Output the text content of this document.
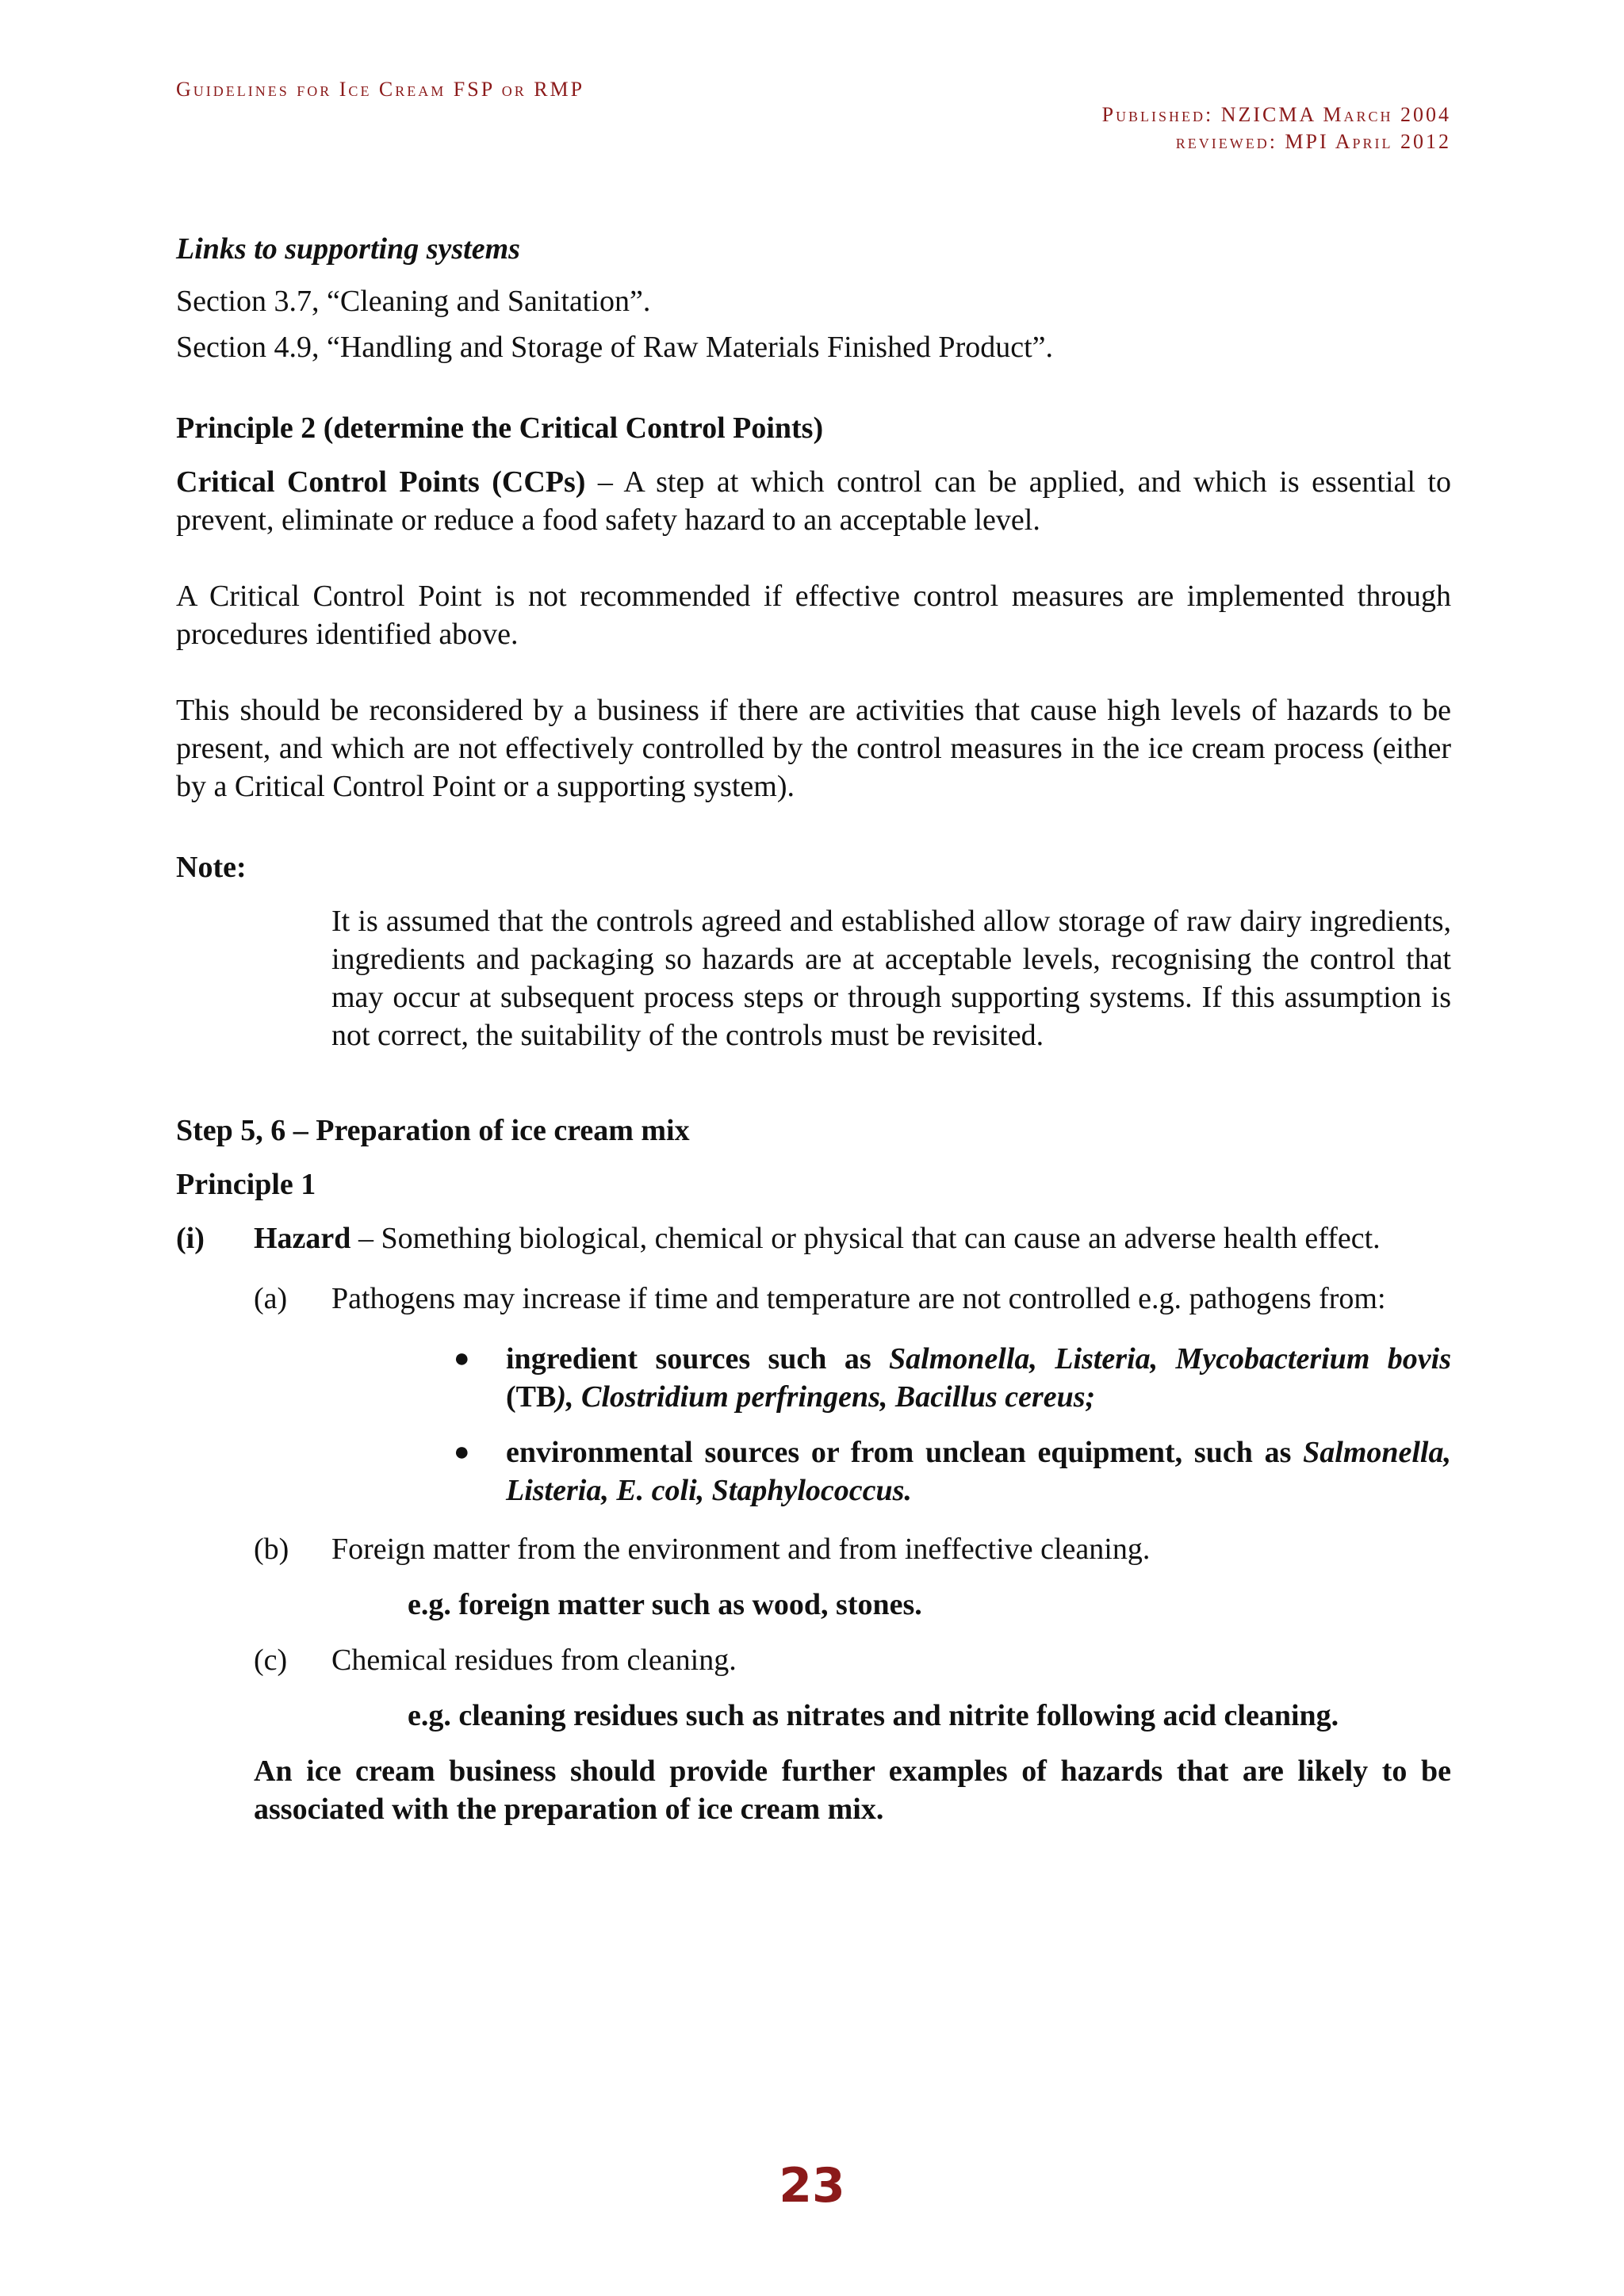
Guidelines for Ice Cream FSP or RMP
Published: NZICMA March 2004
reviewed: MPI April 2012

Links to supporting systems

Section 3.7, “Cleaning and Sanitation”.

Section 4.9, “Handling and Storage of Raw Materials Finished Product”.

Principle 2 (determine the Critical Control Points)

Critical Control Points (CCPs) – A step at which control can be applied, and which is essential to prevent, eliminate or reduce a food safety hazard to an acceptable level.

A Critical Control Point is not recommended if effective control measures are implemented through procedures identified above.

This should be reconsidered by a business if there are activities that cause high levels of hazards to be present, and which are not effectively controlled by the control measures in the ice cream process (either by a Critical Control Point or a supporting system).

Note:

It is assumed that the controls agreed and established allow storage of raw dairy ingredients, ingredients and packaging so hazards are at acceptable levels, recognising the control that may occur at subsequent process steps or through supporting systems. If this assumption is not correct, the suitability of the controls must be revisited.

Step 5, 6 – Preparation of ice cream mix

Principle 1

(i)	Hazard – Something biological, chemical or physical that can cause an adverse health effect.

(a) Pathogens may increase if time and temperature are not controlled e.g. pathogens from:

●	ingredient sources such as Salmonella, Listeria, Mycobacterium bovis (TB), Clostridium perfringens, Bacillus cereus;
●	environmental sources or from unclean equipment, such as Salmonella, Listeria, E. coli, Staphylococcus.
(b)	Foreign matter from the environment and from ineffective cleaning.

e.g. foreign matter such as wood, stones.

(c)	Chemical residues from cleaning.

e.g. cleaning residues such as nitrates and nitrite following acid cleaning.

An ice cream business should provide further examples of hazards that are likely to be associated with the preparation of ice cream mix.

23
